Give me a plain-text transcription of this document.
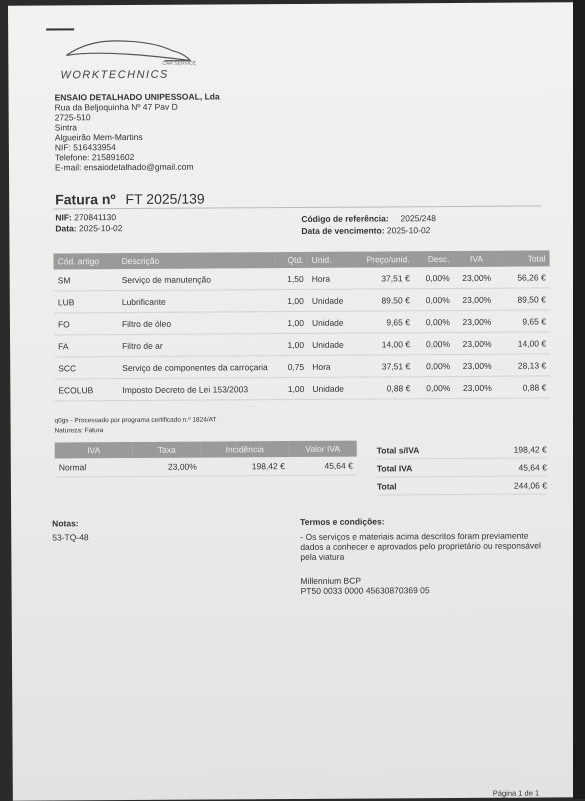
CAR SERVICE
WORKTECHNICS
ENSAIO DETALHADO UNIPESSOAL, Lda
Rua da Beljoquinha Nº 47 Pav D
2725-510
Sintra
Algueirão Mem-Martins
NIF: 516433954
Telefone: 215891602
E-mail: ensaiodetalhado@gmail.com
Fatura nº FT 2025/139
NIF: 270841130
Data: 2025-10-02
Código de referência: 2025/248
Data de vencimento: 2025-10-02
Cód. artigo	Descrição	Qtd.	Unid.	Preço/unid.	Desc.	IVA	Total
SM	Serviço de manutenção	1,50	Hora	37,51 €	0,00%	23,00%	56,26 €
LUB	Lubrificante	1,00	Unidade	89,50 €	0,00%	23,00%	89,50 €
FO	Filtro de óleo	1,00	Unidade	9,65 €	0,00%	23,00%	9,65 €
FA	Filtro de ar	1,00	Unidade	14,00 €	0,00%	23,00%	14,00 €
SCC	Serviço de componentes da carroçaria	0,75	Hora	37,51 €	0,00%	23,00%	28,13 €
ECOLUB	Imposto Decreto de Lei 153/2003	1,00	Unidade	0,88 €	0,00%	23,00%	0,88 €
q0gs - Processado por programa certificado n.º 1824/AT
Natureza: Fatura
IVA	Taxa	Incidência	Valor IVA
Normal	23,00%	198,42 €	45,64 €
Total s/IVA	198,42 €
Total IVA	45,64 €
Total	244,06 €
Notas:
53-TQ-48
Termos e condições:
- Os serviços e materiais acima descritos foram previamente dados a conhecer e aprovados pelo proprietário ou responsável pela viatura
Millennium BCP
PT50 0033 0000 45630870369 05
Página 1 de 1
